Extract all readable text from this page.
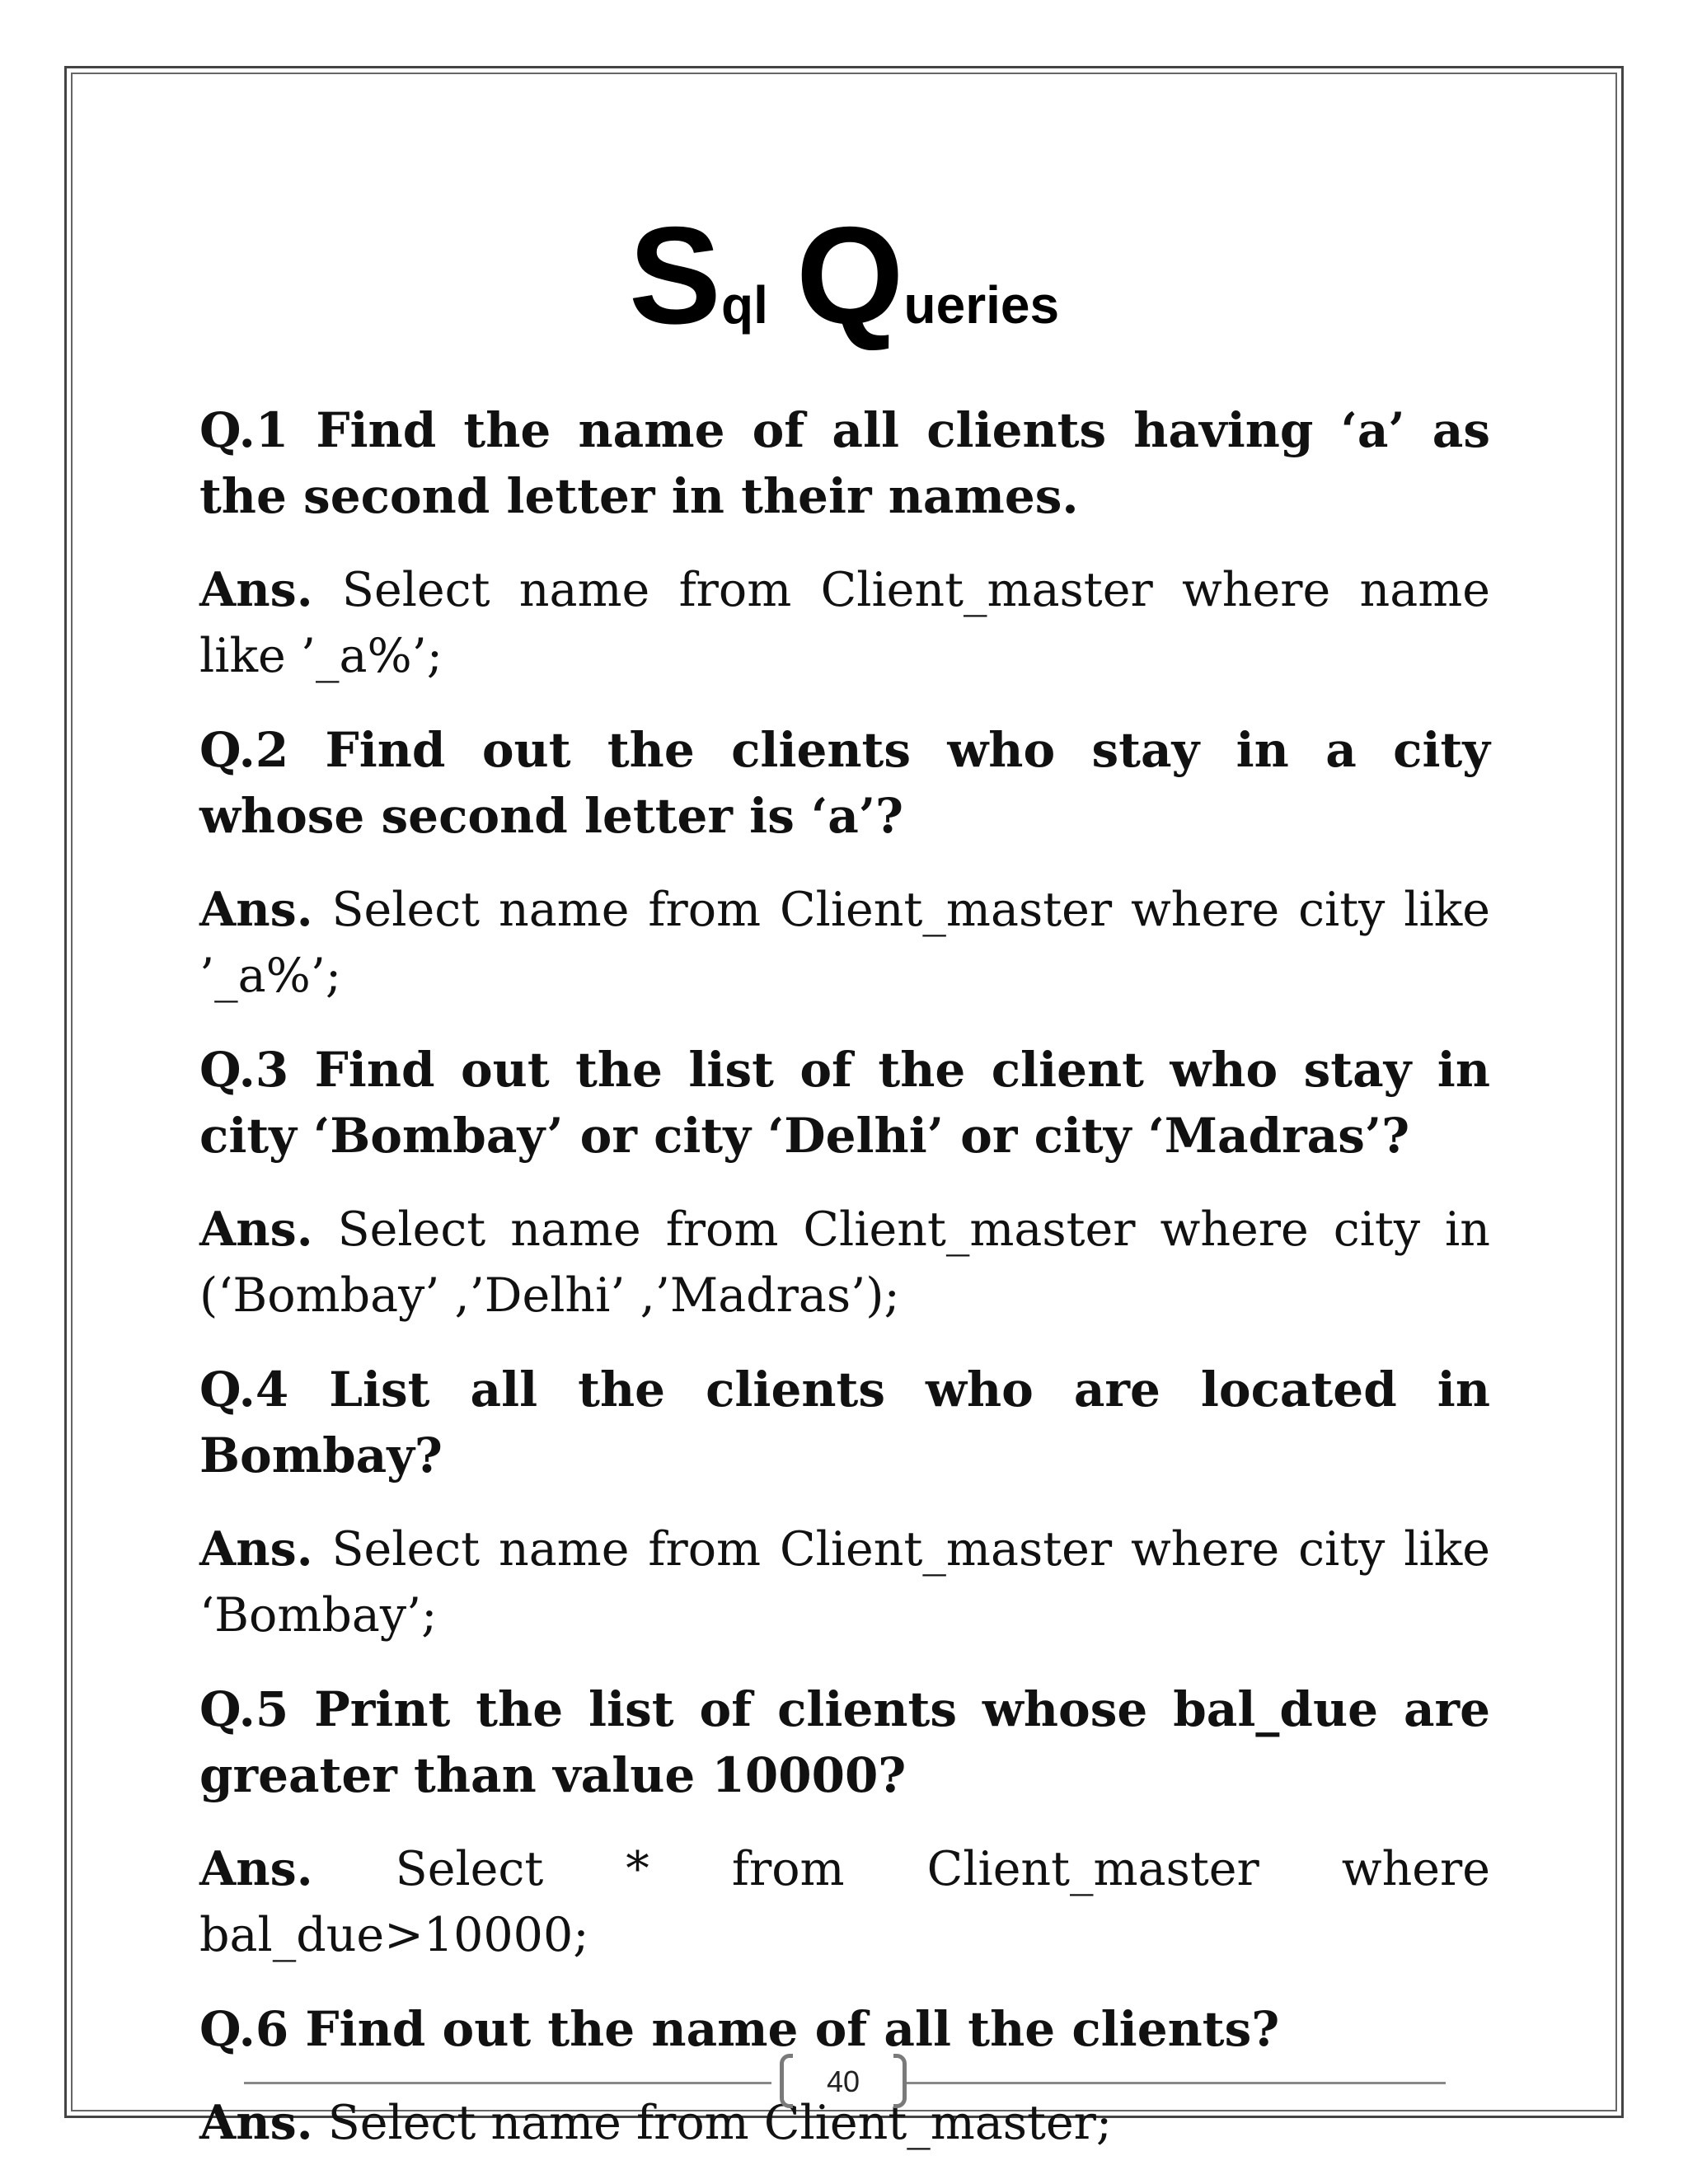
Sql Queries

Q.1 Find the name of all clients having ‘a’ as the second letter in their names.

Ans. Select name from Client_master where name like ’_a%’;

Q.2 Find out the clients who stay in a city whose second letter is ‘a’?

Ans. Select name from Client_master where city like ’_a%’;

Q.3 Find out the list of the client who stay in city ‘Bombay’ or city ‘Delhi’ or city ‘Madras’?

Ans. Select name from Client_master where city in (‘Bombay’ ,’Delhi’ ,’Madras’);

Q.4 List all the clients who are located in Bombay?

Ans. Select name from Client_master where city like ‘Bombay’;

Q.5 Print the list of clients whose bal_due are greater than value 10000?

Ans. Select * from Client_master where bal_due>10000;

Q.6 Find out the name of all the clients?

Ans. Select name from Client_master;

40
